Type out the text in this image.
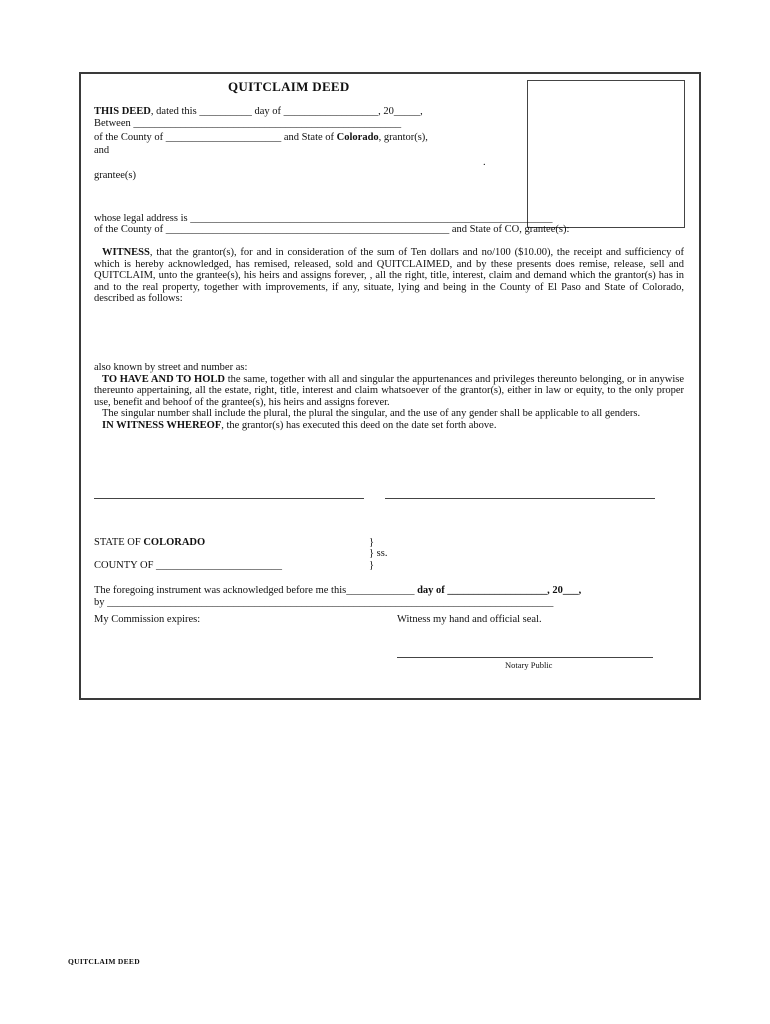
QUITCLAIM DEED
THIS DEED, dated this __________ day of __________________, 20_____,
Between ___________________________________________________
of the County of ______________________ and State of Colorado, grantor(s),
and
.
grantee(s)
whose legal address is _____________________________________________________________________
of the County of ______________________________________________________ and State of CO, grantee(s):

WITNESS, that the grantor(s), for and in consideration of the sum of Ten dollars and no/100 ($10.00), the receipt and sufficiency of which is hereby acknowledged, has remised, released, sold and QUITCLAIMED, and by these presents does remise, release, sell and QUITCLAIM, unto the grantee(s), his heirs and assigns forever, , all the right, title, interest, claim and demand which the grantor(s) has in and to the real property, together with improvements, if any, situate, lying and being in the County of El Paso and State of Colorado, described as follows:

also known by street and number as:

TO HAVE AND TO HOLD the same, together with all and singular the appurtenances and privileges thereunto belonging, or in anywise thereunto appertaining, all the estate, right, title, interest and claim whatsoever of the grantor(s), either in law or equity, to the only proper use, benefit and behoof of the grantee(s), his heirs and assigns forever.

The singular number shall include the plural, the plural the singular, and the use of any gender shall be applicable to all genders.

IN WITNESS WHEREOF, the grantor(s) has executed this deed on the date set forth above.

STATE OF COLORADO
COUNTY OF ________________________
}
} ss.
}
The foregoing instrument was acknowledged before me this_____________ day of ___________________, 20___,
by _____________________________________________________________________________________
My Commission expires:	Witness my hand and official seal.
Notary Public
QUITCLAIM DEED
